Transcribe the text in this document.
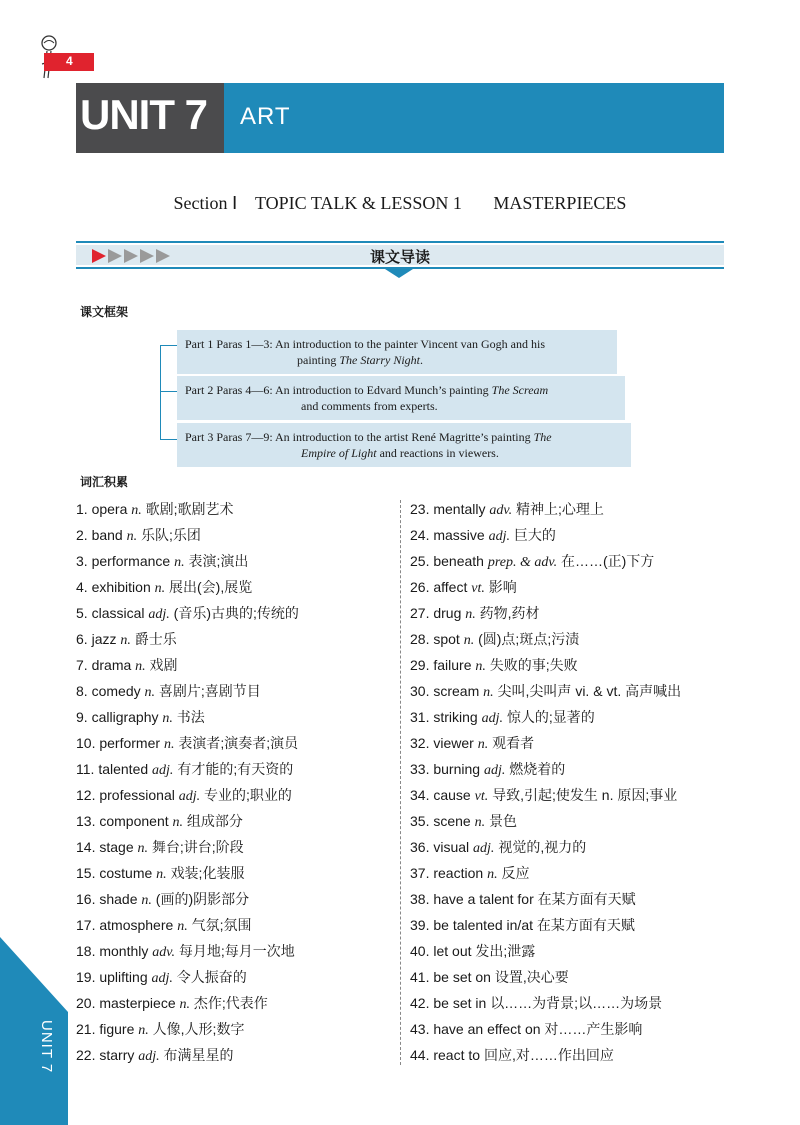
4
UNIT 7 ART
Section Ⅰ    TOPIC TALK & LESSON 1       MASTERPIECES
课文导读
课文框架
Part 1 Paras 1—3: An introduction to the painter Vincent van Gogh and his
painting The Starry Night.
Part 2 Paras 4—6: An introduction to Edvard Munch’s painting The Scream
and comments from experts.
Part 3 Paras 7—9: An introduction to the artist René Magritte’s painting The
Empire of Light and reactions in viewers.
词汇积累
1. opera n. 歌剧;歌剧艺术
2. band n. 乐队;乐团
3. performance n. 表演;演出
4. exhibition n. 展出(会),展览
5. classical adj. (音乐)古典的;传统的
6. jazz n. 爵士乐
7. drama n. 戏剧
8. comedy n. 喜剧片;喜剧节目
9. calligraphy n. 书法
10. performer n. 表演者;演奏者;演员
11. talented adj. 有才能的;有天资的
12. professional adj. 专业的;职业的
13. component n. 组成部分
14. stage n. 舞台;讲台;阶段
15. costume n. 戏装;化装服
16. shade n. (画的)阴影部分
17. atmosphere n. 气氛;氛围
18. monthly adv. 每月地;每月一次地
19. uplifting adj. 令人振奋的
20. masterpiece n. 杰作;代表作
21. figure n. 人像,人形;数字
22. starry adj. 布满星星的
23. mentally adv. 精神上;心理上
24. massive adj. 巨大的
25. beneath prep. & adv. 在……(正)下方
26. affect vt. 影响
27. drug n. 药物,药材
28. spot n. (圆)点;斑点;污渍
29. failure n. 失败的事;失败
30. scream n. 尖叫,尖叫声 vi. & vt. 高声喊出
31. striking adj. 惊人的;显著的
32. viewer n. 观看者
33. burning adj. 燃烧着的
34. cause vt. 导致,引起;使发生 n. 原因;事业
35. scene n. 景色
36. visual adj. 视觉的,视力的
37. reaction n. 反应
38. have a talent for 在某方面有天赋
39. be talented in/at 在某方面有天赋
40. let out 发出;泄露
41. be set on 设置,决心要
42. be set in 以……为背景;以……为场景
43. have an effect on 对……产生影响
44. react to 回应,对……作出回应
UNIT 7
